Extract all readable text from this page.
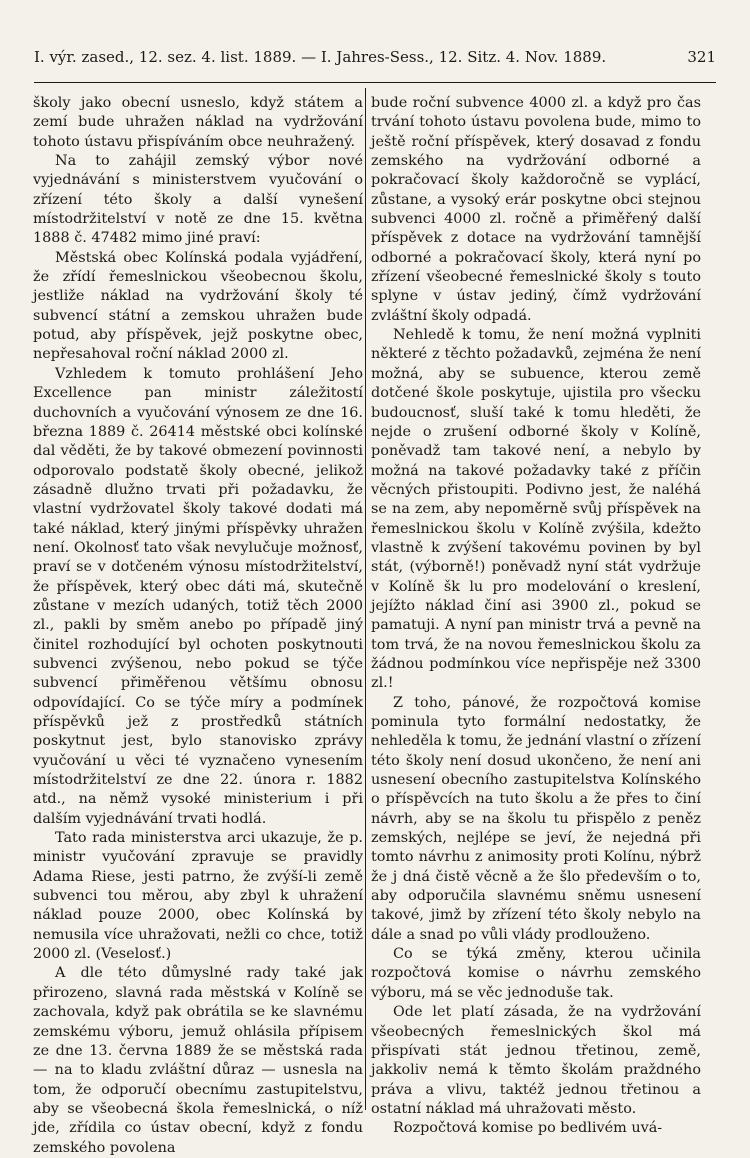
I. výr. zased., 12. sez. 4. list. 1889. — I. Jahres-Sess., 12. Sitz. 4. Nov. 1889.	321

školy jako obecní usneslo, když státem a zemí bude uhražen náklad na vydržování tohoto ústavu přispíváním obce neuhražený.

Na to zahájil zemský výbor nové vyjednávání s ministerstvem vyučování o zřízení této školy a další vynešení místodržitelství v notě ze dne 15. května 1888 č. 47482 mimo jiné praví:

Městská obec Kolínská podala vyjádření, že zřídí řemeslnickou všeobecnou školu, jestliže náklad na vydržování školy té subvencí státní a zemskou uhražen bude potud, aby příspěvek, jejž poskytne obec, nepřesahoval roční náklad 2000 zl.

Vzhledem k tomuto prohlášení Jeho Excellence pan ministr záležitostí duchovních a vyučování výnosem ze dne 16. března 1889 č. 26414 městské obci kolínské dal věděti, že by takové obmezení povinnosti odporovalo podstatě školy obecné, jelikož zásadně dlužno trvati při požadavku, že vlastní vydržovatel školy takové dodati má také náklad, který jinými příspěvky uhražen není. Okolnosť tato však nevylučuje možnosť, praví se v dotčeném výnosu místodržitelství, že příspěvek, který obec dáti má, skutečně zůstane v mezích udaných, totiž těch 2000 zl., pakli by směm anebo po případě jiný činitel rozhodující byl ochoten poskytnouti subvenci zvýšenou, nebo pokud se týče subvencí přiměřenou většímu obnosu odpovídající. Co se týče míry a podmínek příspěvků jež z prostředků státních poskytnut jest, bylo stanovisko zprávy vyučování u věci té vyznačeno vynesením místodržitelství ze dne 22. února r. 1882 atd., na němž vysoké ministerium i při dalším vyjednávání trvati hodlá.

Tato rada ministerstva arci ukazuje, že p. ministr vyučování zpravuje se pravidly Adama Riese, jesti patrno, že zvýší-li země subvenci tou měrou, aby zbyl k uhražení náklad pouze 2000, obec Kolínská by nemusila více uhražovati, nežli co chce, totiž 2000 zl. (Veselosť.)

A dle této důmyslné rady také jak přirozeno, slavná rada městská v Kolíně se zachovala, když pak obrátila se ke slavnému zemskému výboru, jemuž ohlásila přípisem ze dne 13. června 1889 že se městská rada — na to kladu zvláštní důraz — usnesla na tom, že odporučí obecnímu zastupitelstvu, aby se všeobecná škola řemeslnická, o níž jde, zřídila co ústav obecní, když z fondu zemského povolena

bude roční subvence 4000 zl. a když pro čas trvání tohoto ústavu povolena bude, mimo to ještě roční příspěvek, který dosavad z fondu zemského na vydržování odborné a pokračovací školy každoročně se vyplácí, zůstane, a vysoký erár poskytne obci stejnou subvenci 4000 zl. ročně a přiměřený další příspěvek z dotace na vydržování tamnější odborné a pokračovací školy, která nyní po zřízení všeobecné řemeslnické školy s touto splyne v ústav jediný, čímž vydržování zvláštní školy odpadá.

Nehledě k tomu, že není možná vyplniti některé z těchto požadavků, zejména že není možná, aby se subuence, kterou země dotčené škole poskytuje, ujistila pro všecku budoucnosť, sluší také k tomu hleděti, že nejde o zrušení odborné školy v Kolíně, poněvadž tam takové není, a nebylo by možná na takové požadavky také z příčin věcných přistoupiti. Podivno jest, že naléhá se na zem, aby nepoměrně svůj příspěvek na řemeslnickou školu v Kolíně zvýšila, kdežto vlastně k zvýšení takovému povinen by byl stát, (výborně!) poněvadž nyní stát vydržuje v Kolíně šk lu pro modelování o kreslení, jejížto náklad činí asi 3900 zl., pokud se pamatuji. A nyní pan ministr trvá a pevně na tom trvá, že na novou řemeslnickou školu za žádnou podmínkou více nepřispěje než 3300 zl.!

Z toho, pánové, že rozpočtová komise pominula tyto formální nedostatky, že nehleděla k tomu, že jednání vlastní o zřízení této školy není dosud ukončeno, že není ani usnesení obecního zastupitelstva Kolínského o příspěvcích na tuto školu a že přes to činí návrh, aby se na školu tu přispělo z peněz zemských, nejlépe se jeví, že nejedná při tomto návrhu z animosity proti Kolínu, nýbrž že j dná čistě věcně a že šlo především o to, aby odporučila slavnému sněmu usnesení takové, jimž by zřízení této školy nebylo na dále a snad po vůli vlády prodlouženo.

Co se týká změny, kterou učinila rozpočtová komise o návrhu zemského výboru, má se věc jednoduše tak.

Ode let platí zásada, že na vydržování všeobecných řemeslnických škol má přispívati stát jednou třetinou, země, jakkoliv nemá k těmto školám praždného práva a vlivu, taktéž jednou třetinou a ostatní náklad má uhražovati město.

Rozpočtová komise po bedlivém uvá-
